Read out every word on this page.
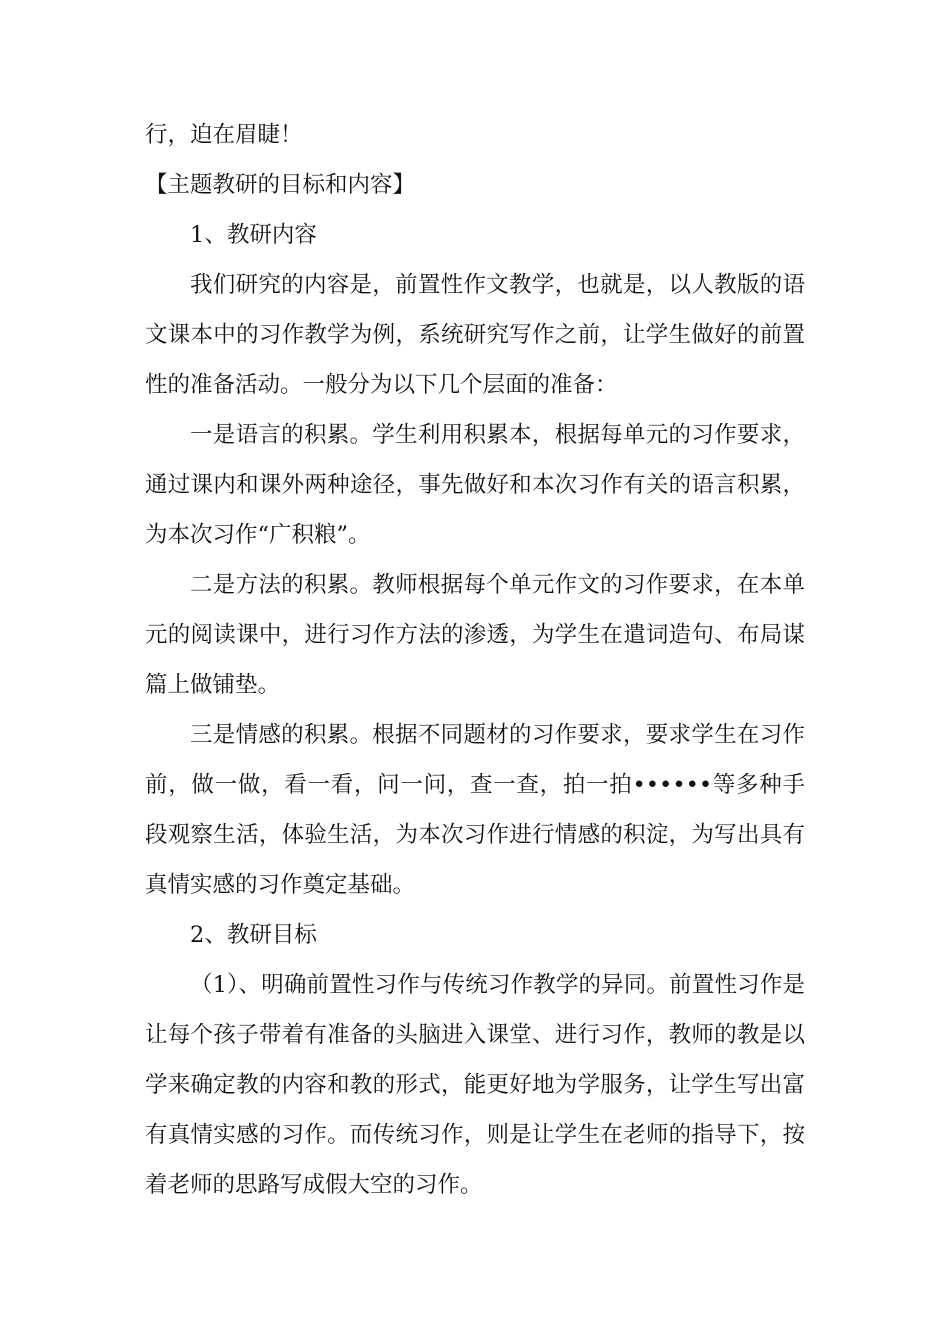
行，迫在眉睫！

【主题教研的目标和内容】

1、教研内容

我们研究的内容是，前置性作文教学，也就是，以人教版的语文课本中的习作教学为例，系统研究写作之前，让学生做好的前置性的准备活动。一般分为以下几个层面的准备：

一是语言的积累。学生利用积累本，根据每单元的习作要求，通过课内和课外两种途径，事先做好和本次习作有关的语言积累，为本次习作“广积粮”。

二是方法的积累。教师根据每个单元作文的习作要求，在本单元的阅读课中，进行习作方法的渗透，为学生在遣词造句、布局谋篇上做铺垫。

三是情感的积累。根据不同题材的习作要求，要求学生在习作前，做一做，看一看，问一问，查一查，拍一拍••••••等多种手段观察生活，体验生活，为本次习作进行情感的积淀，为写出具有真情实感的习作奠定基础。

2、教研目标

（1）、明确前置性习作与传统习作教学的异同。前置性习作是让每个孩子带着有准备的头脑进入课堂、进行习作，教师的教是以学来确定教的内容和教的形式，能更好地为学服务，让学生写出富有真情实感的习作。而传统习作，则是让学生在老师的指导下，按着老师的思路写成假大空的习作。
